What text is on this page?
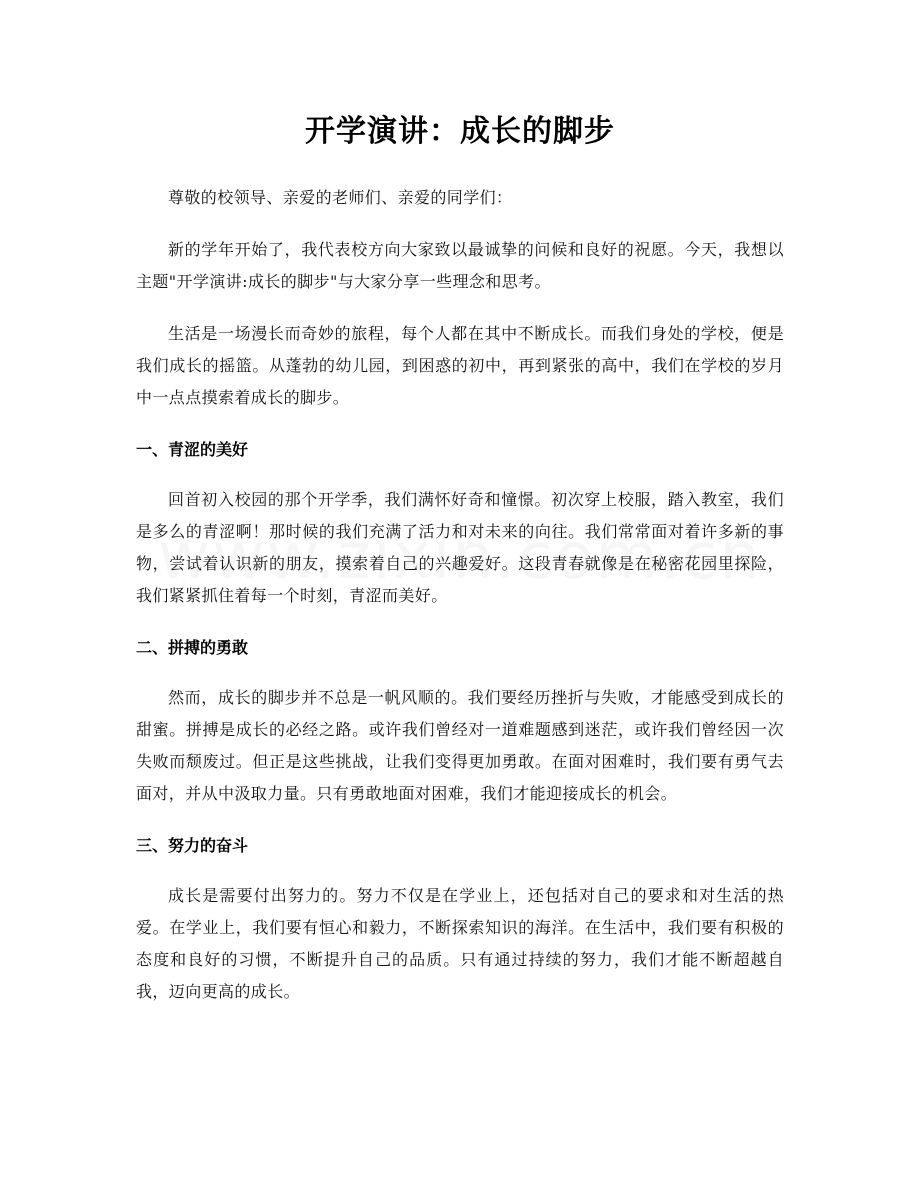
开学演讲：成长的脚步

尊敬的校领导、亲爱的老师们、亲爱的同学们：

新的学年开始了，我代表校方向大家致以最诚挚的问候和良好的祝愿。今天，我想以主题"开学演讲:成长的脚步"与大家分享一些理念和思考。

生活是一场漫长而奇妙的旅程，每个人都在其中不断成长。而我们身处的学校，便是我们成长的摇篮。从蓬勃的幼儿园，到困惑的初中，再到紧张的高中，我们在学校的岁月中一点点摸索着成长的脚步。

一、青涩的美好

回首初入校园的那个开学季，我们满怀好奇和憧憬。初次穿上校服，踏入教室，我们是多么的青涩啊！那时候的我们充满了活力和对未来的向往。我们常常面对着许多新的事物，尝试着认识新的朋友，摸索着自己的兴趣爱好。这段青春就像是在秘密花园里探险，我们紧紧抓住着每一个时刻，青涩而美好。

二、拼搏的勇敢

然而，成长的脚步并不总是一帆风顺的。我们要经历挫折与失败，才能感受到成长的甜蜜。拼搏是成长的必经之路。或许我们曾经对一道难题感到迷茫，或许我们曾经因一次失败而颓废过。但正是这些挑战，让我们变得更加勇敢。在面对困难时，我们要有勇气去面对，并从中汲取力量。只有勇敢地面对困难，我们才能迎接成长的机会。

三、努力的奋斗

成长是需要付出努力的。努力不仅是在学业上，还包括对自己的要求和对生活的热爱。在学业上，我们要有恒心和毅力，不断探索知识的海洋。在生活中，我们要有积极的态度和良好的习惯，不断提升自己的品质。只有通过持续的努力，我们才能不断超越自我，迈向更高的成长。
